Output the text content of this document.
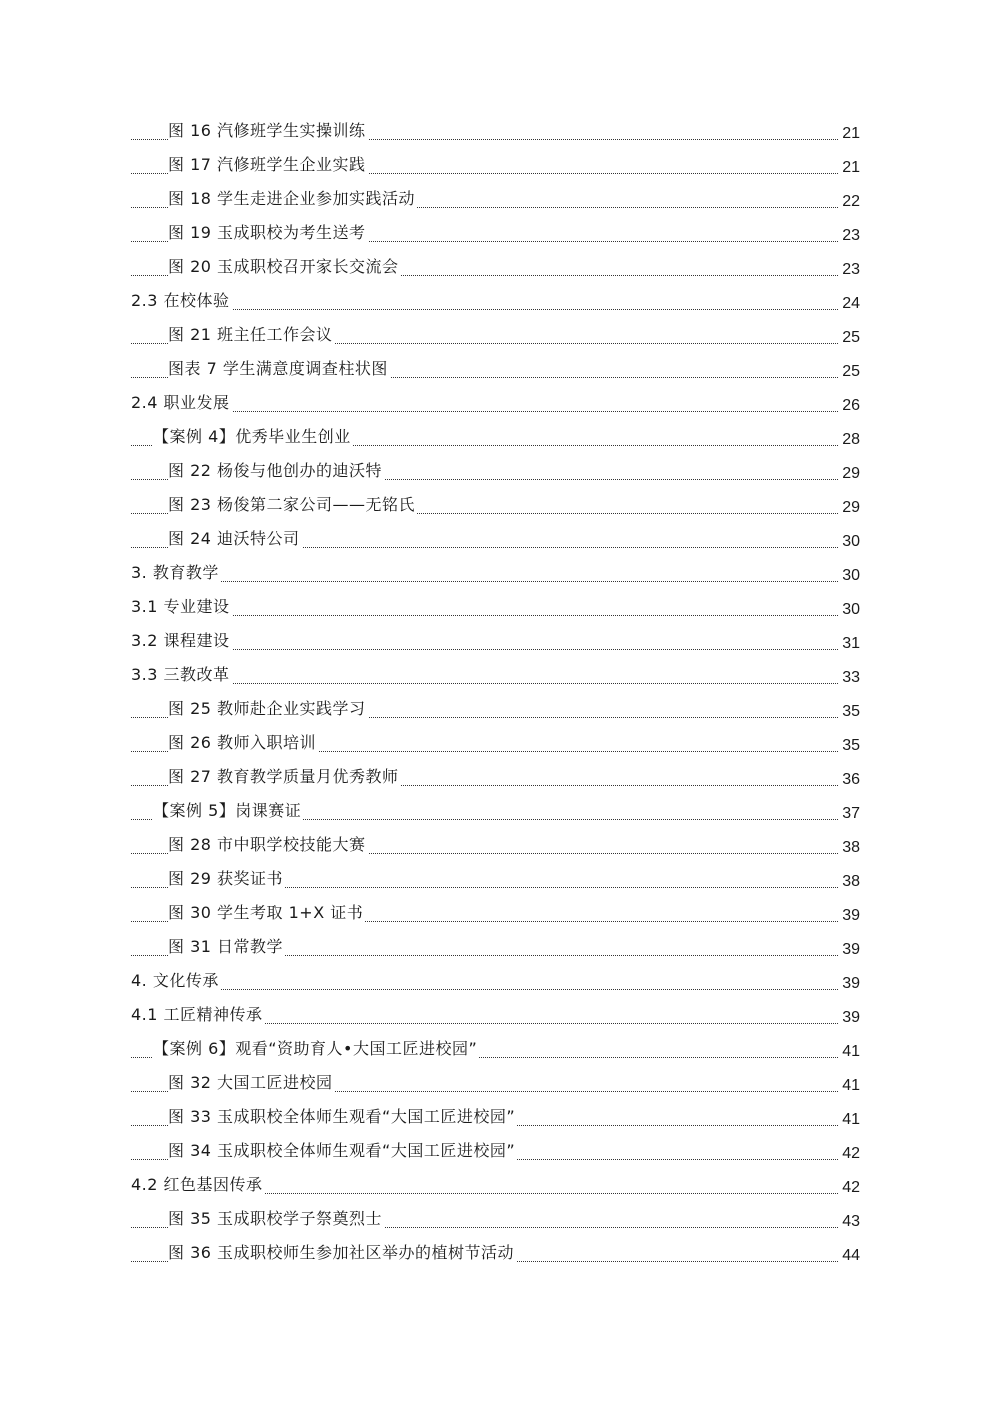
图 16 汽修班学生实操训练	21
图 17 汽修班学生企业实践	21
图 18 学生走进企业参加实践活动	22
图 19 玉成职校为考生送考	23
图 20 玉成职校召开家长交流会	23
2.3 在校体验	24
图 21 班主任工作会议	25
图表 7 学生满意度调查柱状图	25
2.4 职业发展	26
【案例 4】优秀毕业生创业	28
图 22 杨俊与他创办的迪沃特	29
图 23 杨俊第二家公司——无铭氏	29
图 24 迪沃特公司	30
3. 教育教学	30
3.1 专业建设	30
3.2 课程建设	31
3.3 三教改革	33
图 25 教师赴企业实践学习	35
图 26 教师入职培训	35
图 27 教育教学质量月优秀教师	36
【案例 5】岗课赛证	37
图 28 市中职学校技能大赛	38
图 29 获奖证书	38
图 30 学生考取 1+X 证书	39
图 31 日常教学	39
4. 文化传承	39
4.1 工匠精神传承	39
【案例 6】观看“资助育人•大国工匠进校园”	41
图 32 大国工匠进校园	41
图 33 玉成职校全体师生观看“大国工匠进校园”	41
图 34 玉成职校全体师生观看“大国工匠进校园”	42
4.2 红色基因传承	42
图 35 玉成职校学子祭奠烈士	43
图 36 玉成职校师生参加社区举办的植树节活动	44
